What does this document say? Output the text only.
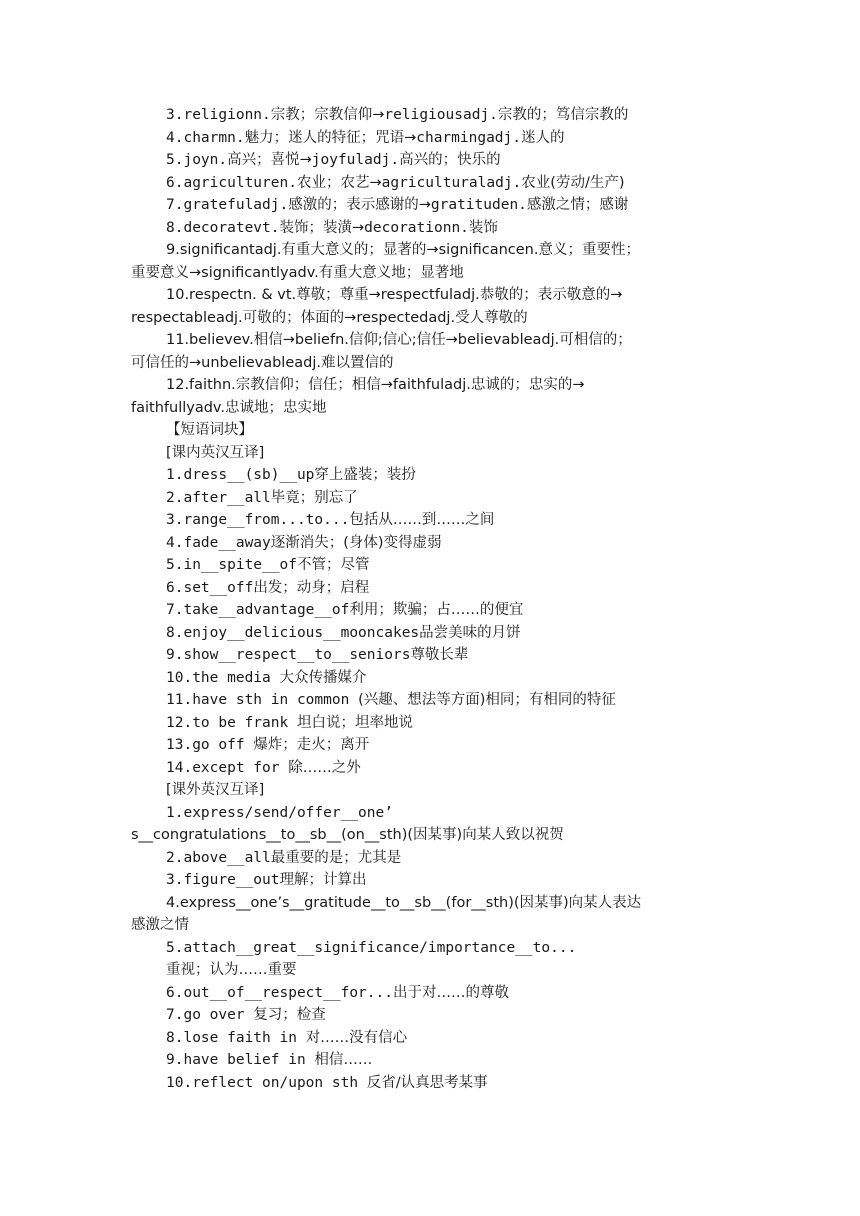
3.religionn.宗教；宗教信仰→religiousadj.宗教的；笃信宗教的
4.charmn.魅力；迷人的特征；咒语→charmingadj.迷人的
5.joyn.高兴；喜悦→joyfuladj.高兴的；快乐的
6.agriculturen.农业；农艺→agriculturaladj.农业(劳动/生产)
7.gratefuladj.感激的；表示感谢的→gratituden.感激之情；感谢
8.decoratevt.装饰；装潢→decorationn.装饰
9.significantadj.有重大意义的；显著的→significancen.意义；重要性；
重要意义→significantlyadv.有重大意义地；显著地
10.respectn. & vt.尊敬；尊重→respectfuladj.恭敬的；表示敬意的→
respectableadj.可敬的；体面的→respectedadj.受人尊敬的
11.believev.相信→beliefn.信仰;信心;信任→believableadj.可相信的；
可信任的→unbelievableadj.难以置信的
12.faithn.宗教信仰；信任；相信→faithfuladj.忠诚的；忠实的→
faithfullyadv.忠诚地；忠实地
【短语词块】
[课内英汉互译]
1.dress__(sb)__up穿上盛装；装扮
2.after__all毕竟；别忘了
3.range__from...to...包括从……到……之间
4.fade__away逐渐消失；(身体)变得虚弱
5.in__spite__of不管；尽管
6.set__off出发；动身；启程
7.take__advantage__of利用；欺骗；占……的便宜
8.enjoy__delicious__mooncakes品尝美味的月饼
9.show__respect__to__seniors尊敬长辈
10.the media 大众传播媒介
11.have sth in common (兴趣、想法等方面)相同；有相同的特征
12.to be frank 坦白说；坦率地说
13.go off 爆炸；走火；离开
14.except for 除……之外
[课外英汉互译]
1.express/send/offer__one’
s__congratulations__to__sb__(on__sth)(因某事)向某人致以祝贺
2.above__all最重要的是；尤其是
3.figure__out理解；计算出
4.express__one’s__gratitude__to__sb__(for__sth)(因某事)向某人表达
感激之情
5.attach__great__significance/importance__to...
重视；认为……重要
6.out__of__respect__for...出于对……的尊敬
7.go over 复习；检查
8.lose faith in 对……没有信心
9.have belief in 相信……
10.reflect on/upon sth 反省/认真思考某事
